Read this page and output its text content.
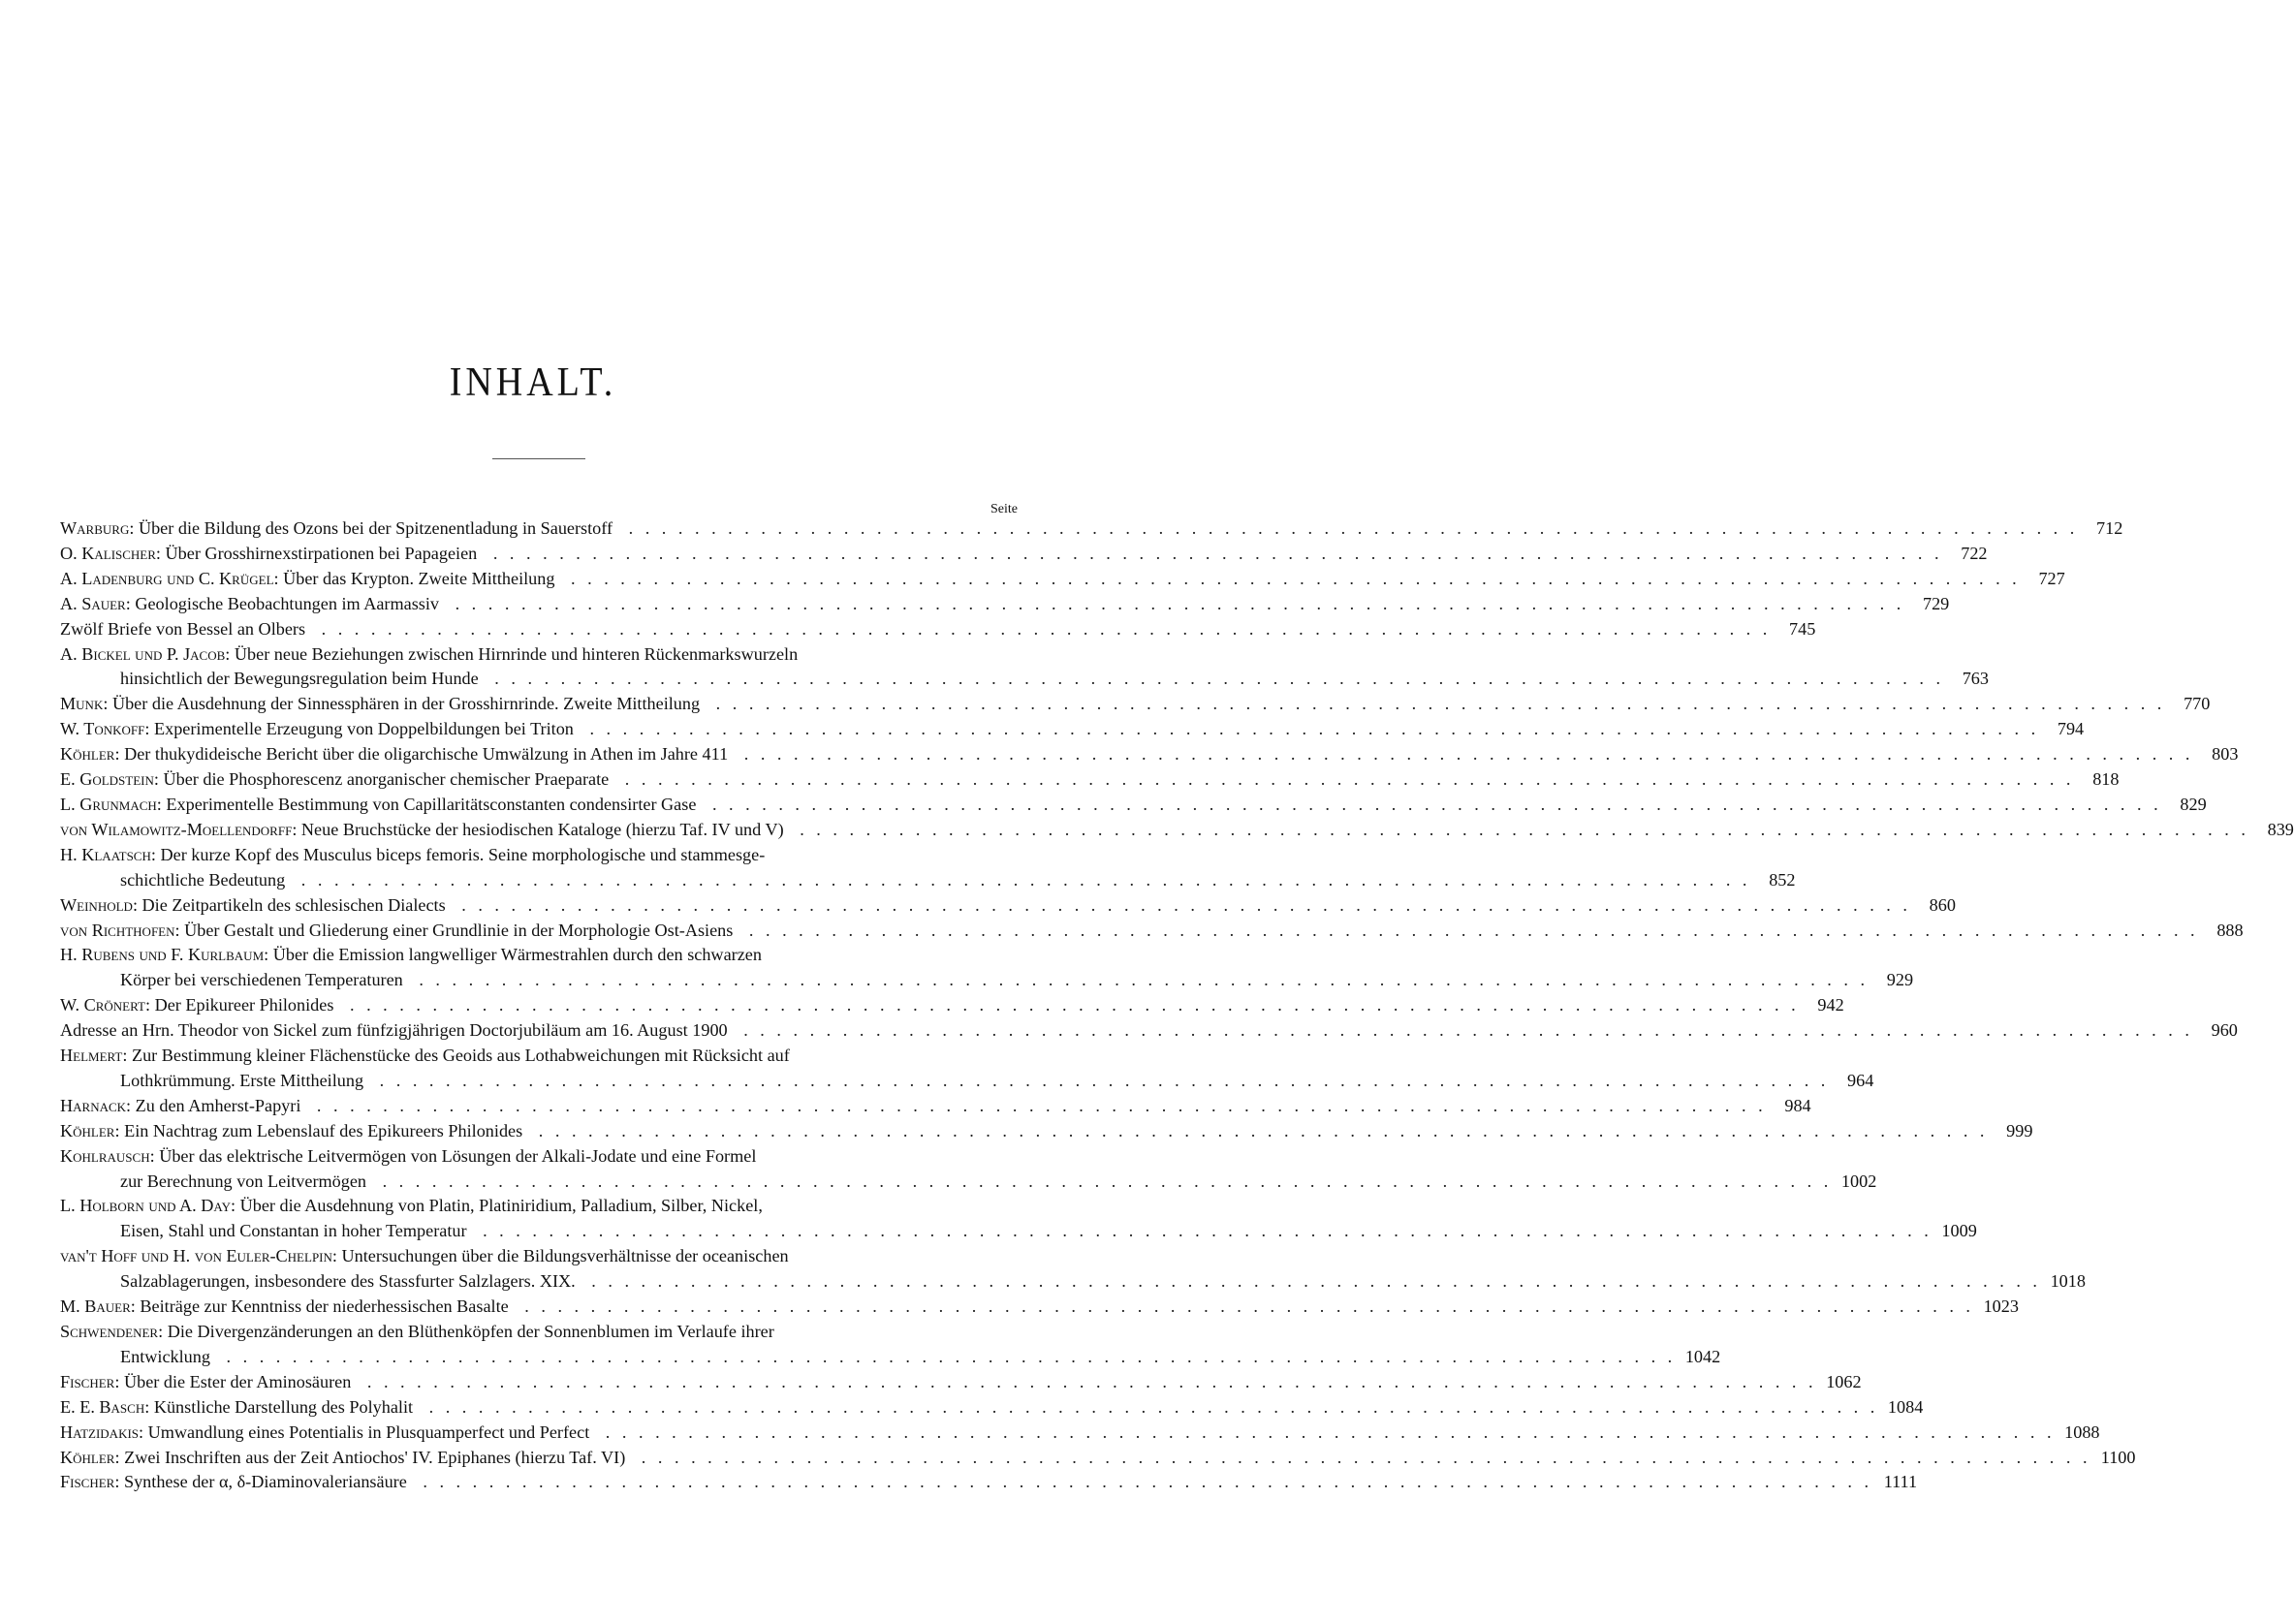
INHALT.
Seite
Warburg: Über die Bildung des Ozons bei der Spitzenentladung in Sauerstoff . . .	712
O. Kalischer: Über Grosshirnexstirpationen bei Papageien . . .	722
A. Ladenburg und C. Krügel: Über das Krypton. Zweite Mittheilung . . .	727
A. Sauer: Geologische Beobachtungen im Aarmassiv . . .	729
Zwölf Briefe von Bessel an Olbers . . .	745
A. Bickel und P. Jacob: Über neue Beziehungen zwischen Hirnrinde und hinteren Rückenmarkswurzeln
hinsichtlich der Bewegungsregulation beim Hunde . . .	763
Munk: Über die Ausdehnung der Sinnessphären in der Grosshirnrinde. Zweite Mittheilung . . .	770
W. Tonkoff: Experimentelle Erzeugung von Doppelbildungen bei Triton . . .	794
Köhler: Der thukydideische Bericht über die oligarchische Umwälzung in Athen im Jahre 411 . . .	803
E. Goldstein: Über die Phosphorescenz anorganischer chemischer Praeparate . . .	818
L. Grunmach: Experimentelle Bestimmung von Capillaritätsconstanten condensirter Gase . . .	829
von Wilamowitz-Moellendorff: Neue Bruchstücke der hesiodischen Kataloge (hierzu Taf. IV und V) . . .	839
H. Klaatsch: Der kurze Kopf des Musculus biceps femoris. Seine morphologische und stammesge-
schichtliche Bedeutung . . .	852
Weinhold: Die Zeitpartikeln des schlesischen Dialects . . .	860
von Richthofen: Über Gestalt und Gliederung einer Grundlinie in der Morphologie Ost-Asiens . . .	888
H. Rubens und F. Kurlbaum: Über die Emission langwelliger Wärmestrahlen durch den schwarzen
Körper bei verschiedenen Temperaturen . . .	929
W. Crönert: Der Epikureer Philonides . . .	942
Adresse an Hrn. Theodor von Sickel zum fünfzigjährigen Doctorjubiläum am 16. August 1900 . . .	960
Helmert: Zur Bestimmung kleiner Flächenstücke des Geoids aus Lothabweichungen mit Rücksicht auf
Lothkrümmung. Erste Mittheilung . . .	964
Harnack: Zu den Amherst-Papyri . . .	984
Köhler: Ein Nachtrag zum Lebenslauf des Epikureers Philonides . . .	999
Kohlrausch: Über das elektrische Leitvermögen von Lösungen der Alkali-Jodate und eine Formel
zur Berechnung von Leitvermögen . . .	1002
L. Holborn und A. Day: Über die Ausdehnung von Platin, Platiniridium, Palladium, Silber, Nickel,
Eisen, Stahl und Constantan in hoher Temperatur . . .	1009
van't Hoff und H. von Euler-Chelpin: Untersuchungen über die Bildungsverhältnisse der oceanischen
Salzablagerungen, insbesondere des Stassfurter Salzlagers. XIX. . . .	1018
M. Bauer: Beiträge zur Kenntniss der niederhessischen Basalte . . .	1023
Schwendener: Die Divergenzänderungen an den Blüthenköpfen der Sonnenblumen im Verlaufe ihrer
Entwicklung . . .	1042
Fischer: Über die Ester der Aminosäuren . . .	1062
E. E. Basch: Künstliche Darstellung des Polyhalit . . .	1084
Hatzidakis: Umwandlung eines Potentialis in Plusquamperfect und Perfect . . .	1088
Köhler: Zwei Inschriften aus der Zeit Antiochos' IV. Epiphanes (hierzu Taf. VI) . . .	1100
Fischer: Synthese der α, δ-Diaminovaleriansäure . . .	1111
